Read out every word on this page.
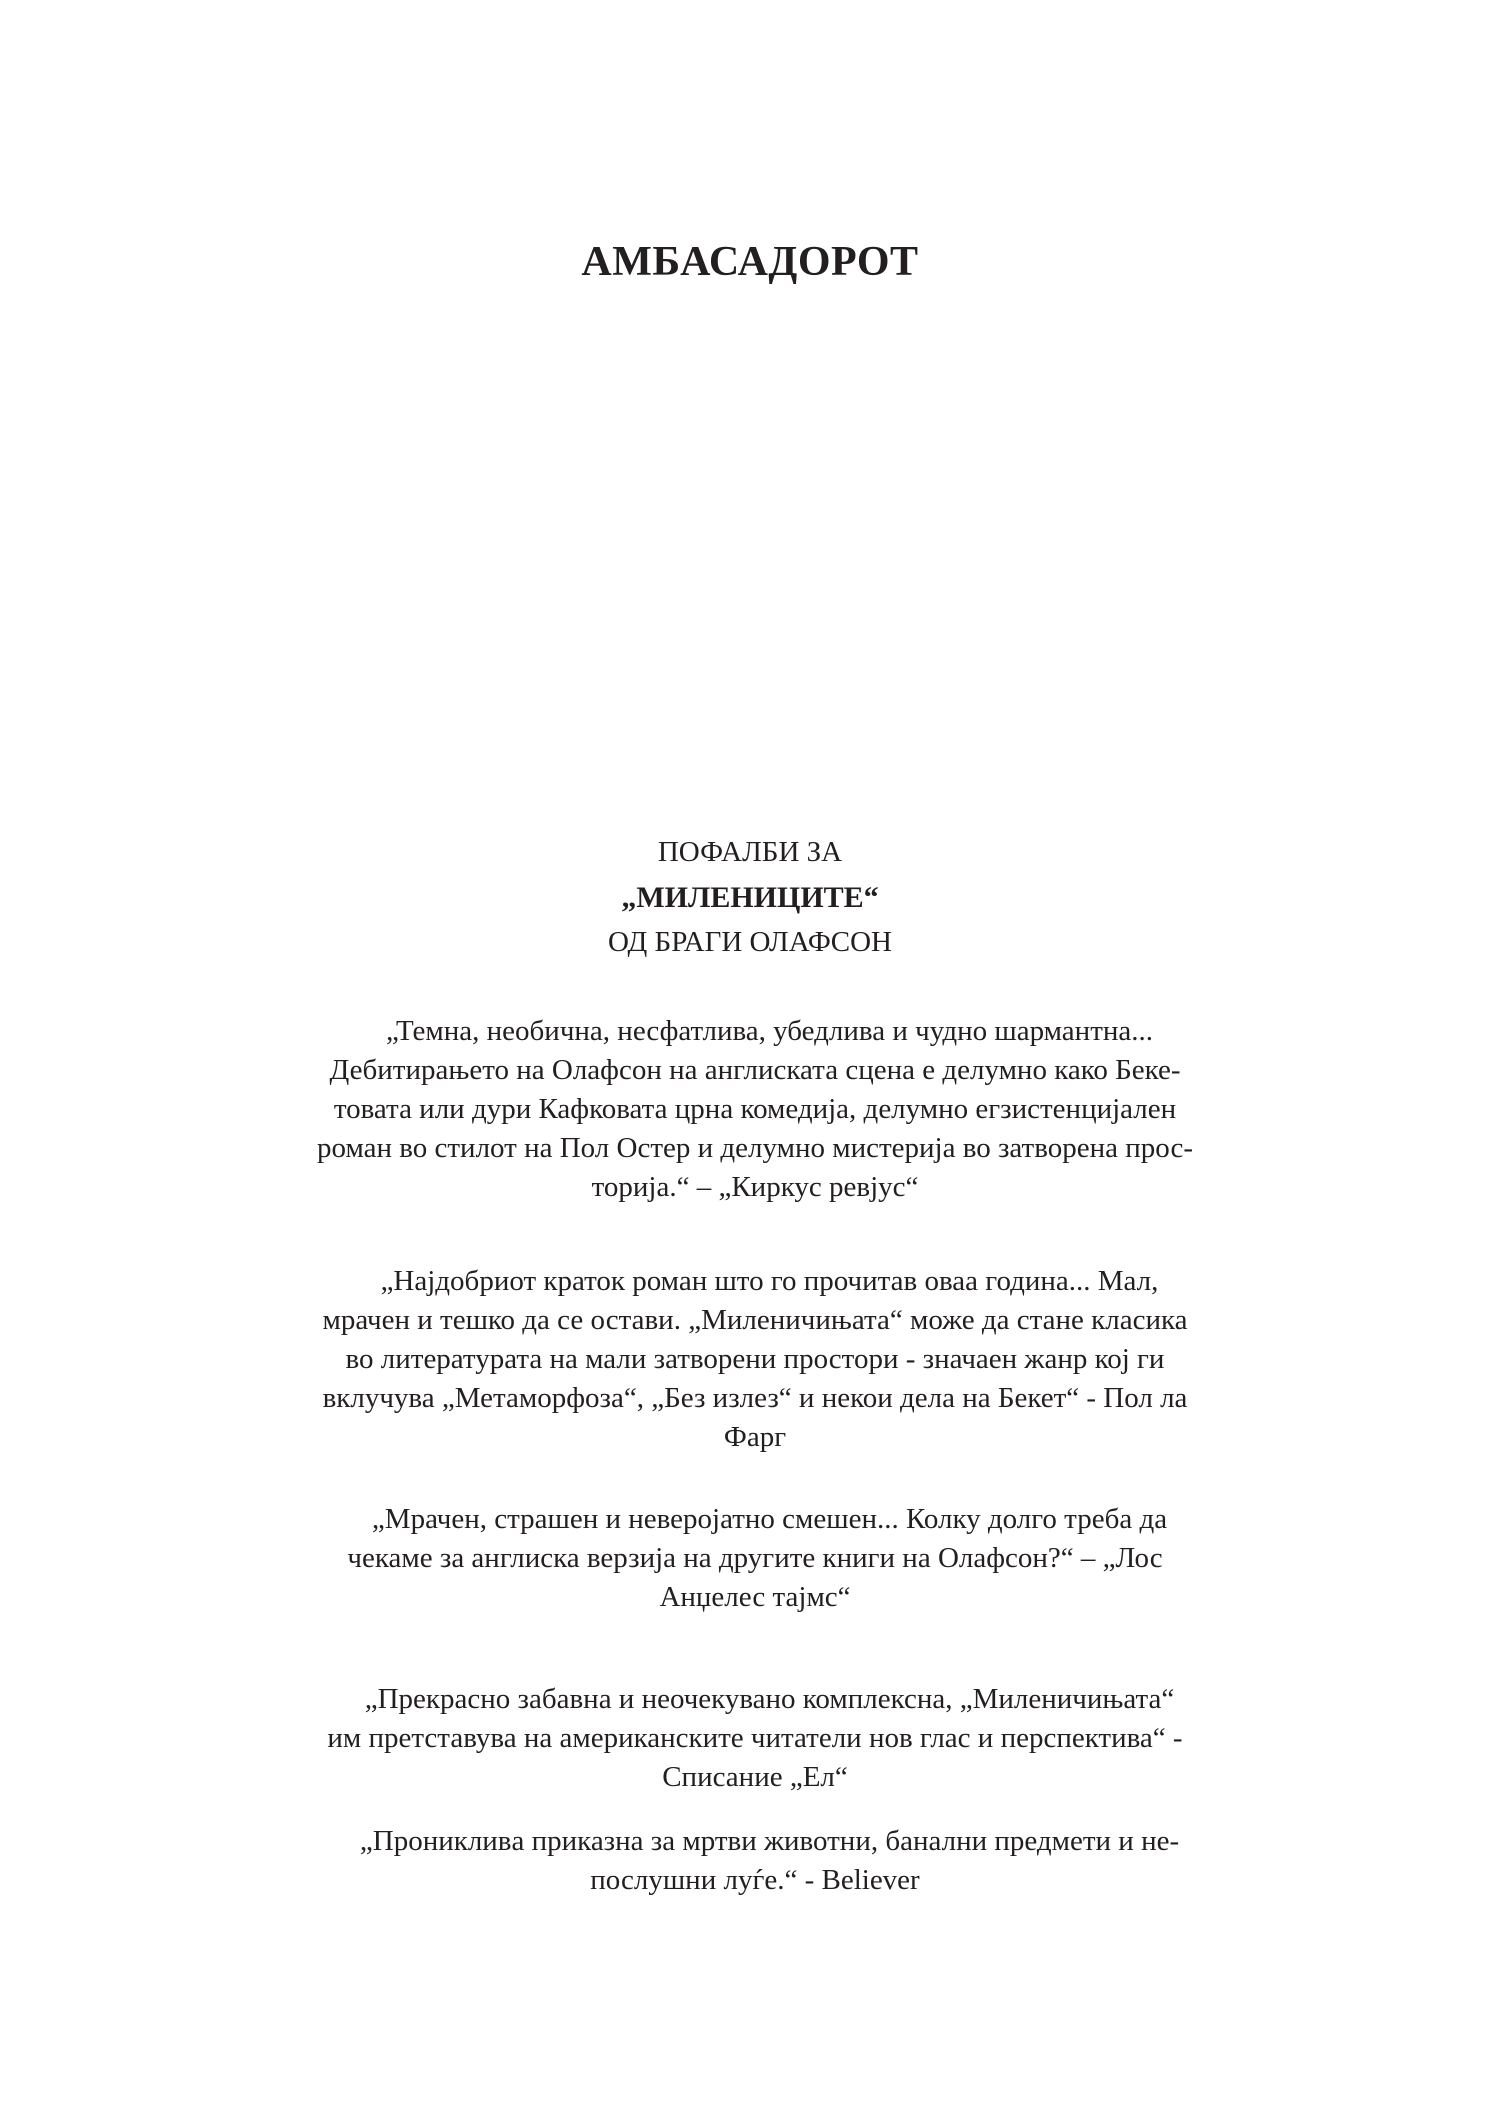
АМБАСАДОРОТ
ПОФАЛБИ ЗА
„МИЛЕНИЦИТЕ“
ОД БРАГИ ОЛАФСОН

„Темна, необична, несфатлива, убедлива и чудно шармантна...
Дебитирањето на Олафсон на англиската сцена е делумно како Беке-
товата или дури Кафковата црна комедија, делумно егзистенцијален
роман во стилот на Пол Остер и делумно мистерија во затворена прос-
торија.“ – „Киркус ревјус“

„Најдобриот краток роман што го прочитав оваа година... Мал,
мрачен и тешко да се остави. „Миленичињата“ може да стане класика
во литературата на мали затворени простори - значаен жанр кој ги
вклучува „Метаморфоза“, „Без излез“ и некои дела на Бекет“ - Пол ла
Фарг

„Мрачен, страшен и неверојатно смешен... Колку долго треба да
чекаме за англиска верзија на другите книги на Олафсон?“ – „Лос
Анџелес тајмс“

„Прекрасно забавна и неочекувано комплексна, „Миленичињата“
им претставува на американските читатели нов глас и перспектива“ -
Списание „Ел“

„Проникливa приказна за мртви животни, банални предмети и не-
послушни луѓе.“ - Believer
